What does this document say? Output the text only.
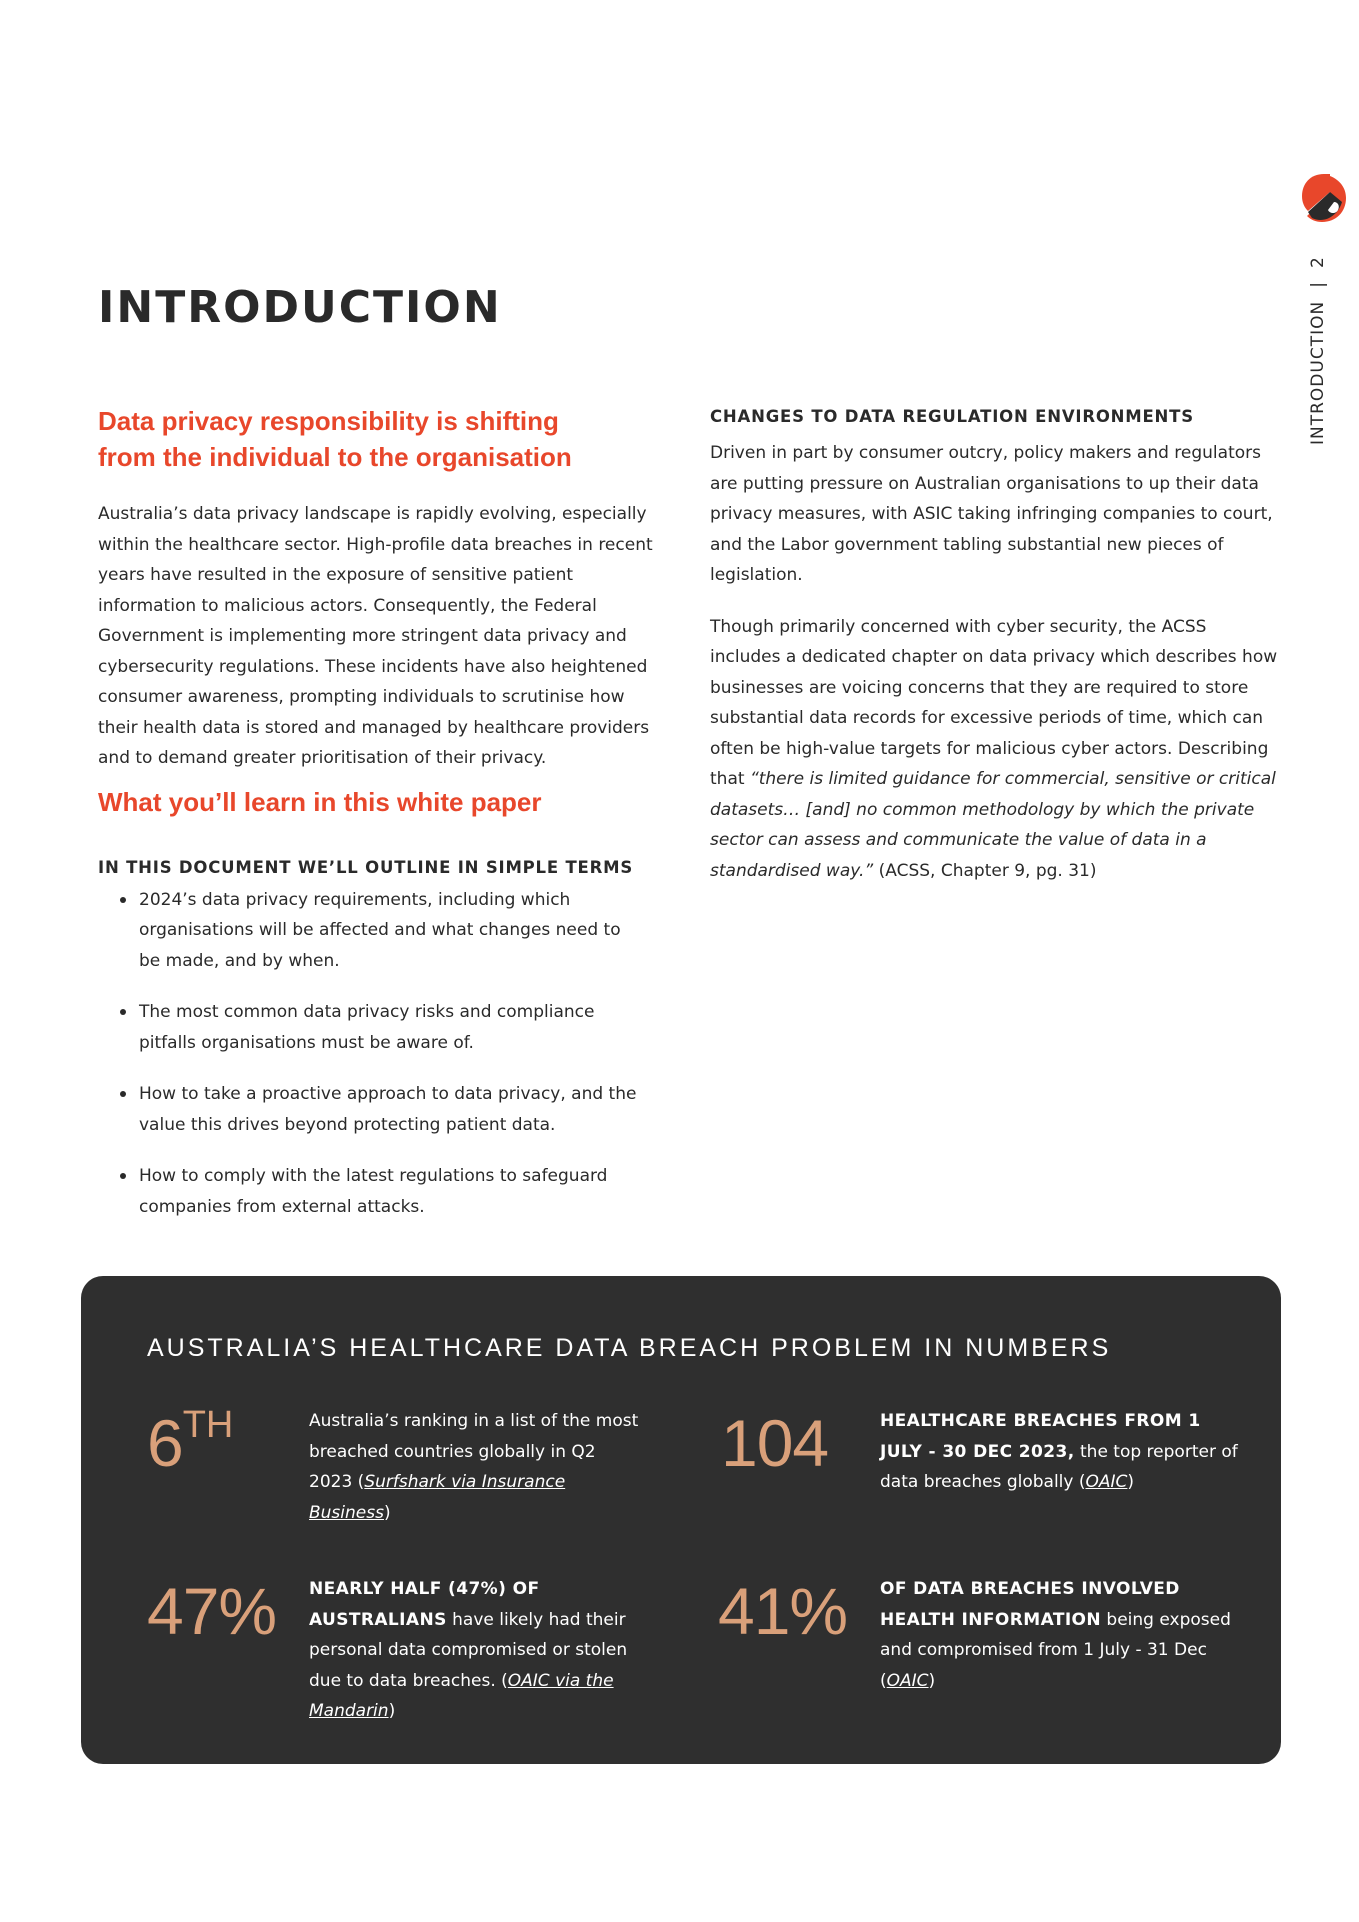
INTRODUCTION|2
INTRODUCTION
Data privacy responsibility is shifting
from the individual to the organisation

Australia’s data privacy landscape is rapidly evolving, especially within the healthcare sector. High-profile data breaches in recent years have resulted in the exposure of sensitive patient information to malicious actors. Consequently, the Federal Government is implementing more stringent data privacy and cybersecurity regulations. These incidents have also heightened consumer awareness, prompting individuals to scrutinise how their health data is stored and managed by healthcare providers and to demand greater prioritisation of their privacy.

What you’ll learn in this white paper

IN THIS DOCUMENT WE’LL OUTLINE IN SIMPLE TERMS

2024’s data privacy requirements, including which organisations will be affected and what changes need to be made, and by when.
The most common data privacy risks and compliance pitfalls organisations must be aware of.
How to take a proactive approach to data privacy, and the value this drives beyond protecting patient data.
How to comply with the latest regulations to safeguard companies from external attacks.

CHANGES TO DATA REGULATION ENVIRONMENTS

Driven in part by consumer outcry, policy makers and regulators are putting pressure on Australian organisations to up their data privacy measures, with ASIC taking infringing companies to court, and the Labor government tabling substantial new pieces of legislation.

Though primarily concerned with cyber security, the ACSS includes a dedicated chapter on data privacy which describes how businesses are voicing concerns that they are required to store substantial data records for excessive periods of time, which can often be high-value targets for malicious cyber actors. Describing that “there is limited guidance for commercial, sensitive or critical datasets… [and] no common methodology by which the private sector can assess and communicate the value of data in a standardised way.” (ACSS, Chapter 9, pg. 31)

AUSTRALIA’S HEALTHCARE DATA BREACH PROBLEM IN NUMBERS
6TH	Australia’s ranking in a list of the most breached countries globally in Q2 2023 (Surfshark via Insurance Business)
104	HEALTHCARE BREACHES FROM 1 JULY - 30 DEC 2023, the top reporter of data breaches globally (OAIC)
47% NEARLY HALF (47%) OF AUSTRALIANS have likely had their personal data compromised or stolen due to data breaches. (OAIC via the Mandarin)
41% OF DATA BREACHES INVOLVED HEALTH INFORMATION being exposed and compromised from 1 July - 31 Dec (OAIC)
